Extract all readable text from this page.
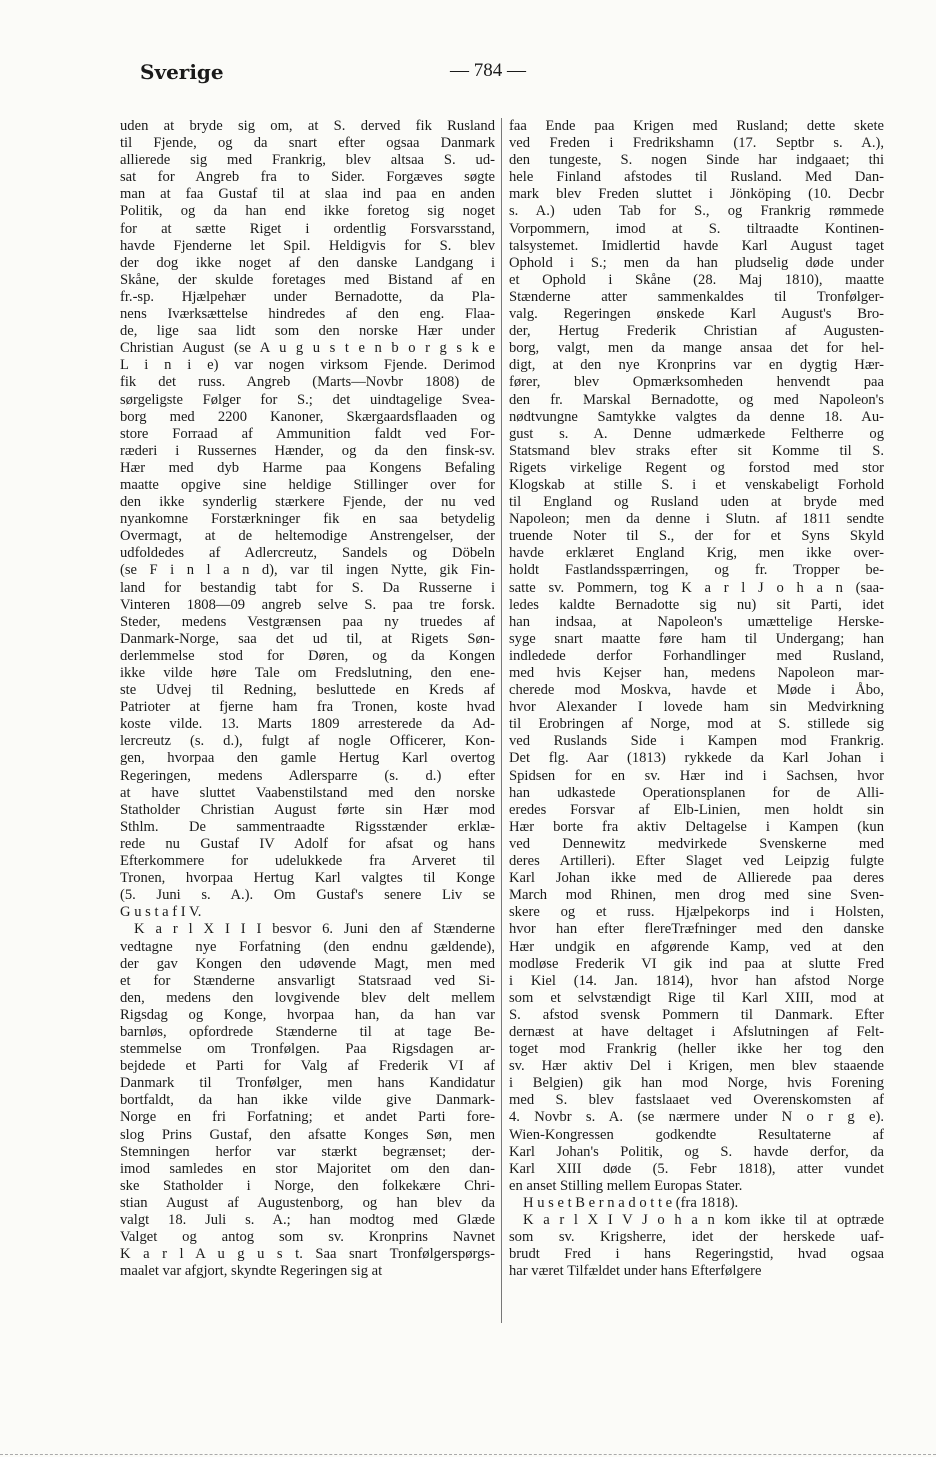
Sverige	— 784 —

uden at bryde sig om, at S. derved fik Rusland

til Fjende, og da snart efter ogsaa Danmark

allierede sig med Frankrig, blev altsaa S. ud-

sat for Angreb fra to Sider. Forgæves søgte

man at faa Gustaf til at slaa ind paa en anden

Politik, og da han end ikke foretog sig noget

for at sætte Riget i ordentlig Forsvarsstand,

havde Fjenderne let Spil. Heldigvis for S. blev

der dog ikke noget af den danske Landgang i

Skåne, der skulde foretages med Bistand af en

fr.-sp. Hjælpehær under Bernadotte, da Pla-

nens Iværksættelse hindredes af den eng. Flaa-

de, lige saa lidt som den norske Hær under

Christian August (se A u g u s t e n b o r g s k e

L i n i e) var nogen virksom Fjende. Derimod

fik det russ. Angreb (Marts—Novbr 1808) de

sørgeligste Følger for S.; det uindtagelige Svea-

borg med 2200 Kanoner, Skærgaardsflaaden og

store Forraad af Ammunition faldt ved For-

ræderi i Russernes Hænder, og da den finsk-sv.

Hær med dyb Harme paa Kongens Befaling

maatte opgive sine heldige Stillinger over for

den ikke synderlig stærkere Fjende, der nu ved

nyankomne Forstærkninger fik en saa betydelig

Overmagt, at de heltemodige Anstrengelser, der

udfoldedes af Adlercreutz, Sandels og Döbeln

(se F i n l a n d), var til ingen Nytte, gik Fin-

land for bestandig tabt for S. Da Russerne i

Vinteren 1808—09 angreb selve S. paa tre forsk.

Steder, medens Vestgrænsen paa ny truedes af

Danmark-Norge, saa det ud til, at Rigets Søn-

derlemmelse stod for Døren, og da Kongen

ikke vilde høre Tale om Fredslutning, den ene-

ste Udvej til Redning, besluttede en Kreds af

Patrioter at fjerne ham fra Tronen, koste hvad

koste vilde. 13. Marts 1809 arresterede da Ad-

lercreutz (s. d.), fulgt af nogle Officerer, Kon-

gen, hvorpaa den gamle Hertug Karl overtog

Regeringen, medens Adlersparre (s. d.) efter

at have sluttet Vaabenstilstand med den norske

Statholder Christian August førte sin Hær mod

Sthlm. De sammentraadte Rigsstænder erklæ-

rede nu Gustaf IV Adolf for afsat og hans

Efterkommere for udelukkede fra Arveret til

Tronen, hvorpaa Hertug Karl valgtes til Konge

(5. Juni s. A.). Om Gustaf's senere Liv se

G u s t a f I V.

K a r l X I I I besvor 6. Juni den af Stænderne

vedtagne nye Forfatning (den endnu gældende),

der gav Kongen den udøvende Magt, men med

et for Stænderne ansvarligt Statsraad ved Si-

den, medens den lovgivende blev delt mellem

Rigsdag og Konge, hvorpaa han, da han var

barnløs, opfordrede Stænderne til at tage Be-

stemmelse om Tronfølgen. Paa Rigsdagen ar-

bejdede et Parti for Valg af Frederik VI af

Danmark til Tronfølger, men hans Kandidatur

bortfaldt, da han ikke vilde give Danmark-

Norge en fri Forfatning; et andet Parti fore-

slog Prins Gustaf, den afsatte Konges Søn, men

Stemningen herfor var stærkt begrænset; der-

imod samledes en stor Majoritet om den dan-

ske Statholder i Norge, den folkekære Chri-

stian August af Augustenborg, og han blev da

valgt 18. Juli s. A.; han modtog med Glæde

Valget og antog som sv. Kronprins Navnet

K a r l A u g u s t. Saa snart Tronfølgerspørgs-

maalet var afgjort, skyndte Regeringen sig at

faa Ende paa Krigen med Rusland; dette skete

ved Freden i Fredrikshamn (17. Septbr s. A.),

den tungeste, S. nogen Sinde har indgaaet; thi

hele Finland afstodes til Rusland. Med Dan-

mark blev Freden sluttet i Jönköping (10. Decbr

s. A.) uden Tab for S., og Frankrig rømmede

Vorpommern, imod at S. tiltraadte Kontinen-

talsystemet. Imidlertid havde Karl August taget

Ophold i S.; men da han pludselig døde under

et Ophold i Skåne (28. Maj 1810), maatte

Stænderne atter sammenkaldes til Tronfølger-

valg. Regeringen ønskede Karl August's Bro-

der, Hertug Frederik Christian af Augusten-

borg, valgt, men da mange ansaa det for hel-

digt, at den nye Kronprins var en dygtig Hær-

fører, blev Opmærksomheden henvendt paa

den fr. Marskal Bernadotte, og med Napoleon's

nødtvungne Samtykke valgtes da denne 18. Au-

gust s. A. Denne udmærkede Feltherre og

Statsmand blev straks efter sit Komme til S.

Rigets virkelige Regent og forstod med stor

Klogskab at stille S. i et venskabeligt Forhold

til England og Rusland uden at bryde med

Napoleon; men da denne i Slutn. af 1811 sendte

truende Noter til S., der for et Syns Skyld

havde erklæret England Krig, men ikke over-

holdt Fastlandsspærringen, og fr. Tropper be-

satte sv. Pommern, tog K a r l J o h a n (saa-

ledes kaldte Bernadotte sig nu) sit Parti, idet

han indsaa, at Napoleon's umættelige Herske-

syge snart maatte føre ham til Undergang; han

indledede derfor Forhandlinger med Rusland,

med hvis Kejser han, medens Napoleon mar-

cherede mod Moskva, havde et Møde i Åbo,

hvor Alexander I lovede ham sin Medvirkning

til Erobringen af Norge, mod at S. stillede sig

ved Ruslands Side i Kampen mod Frankrig.

Det flg. Aar (1813) rykkede da Karl Johan i

Spidsen for en sv. Hær ind i Sachsen, hvor

han udkastede Operationsplanen for de Alli-

eredes Forsvar af Elb-Linien, men holdt sin

Hær borte fra aktiv Deltagelse i Kampen (kun

ved Dennewitz medvirkede Svenskerne med

deres Artilleri). Efter Slaget ved Leipzig fulgte

Karl Johan ikke med de Allierede paa deres

March mod Rhinen, men drog med sine Sven-

skere og et russ. Hjælpekorps ind i Holsten,

hvor han efter flereTræfninger med den danske

Hær undgik en afgørende Kamp, ved at den

modløse Frederik VI gik ind paa at slutte Fred

i Kiel (14. Jan. 1814), hvor han afstod Norge

som et selvstændigt Rige til Karl XIII, mod at

S. afstod svensk Pommern til Danmark. Efter

dernæst at have deltaget i Afslutningen af Felt-

toget mod Frankrig (heller ikke her tog den

sv. Hær aktiv Del i Krigen, men blev staaende

i Belgien) gik han mod Norge, hvis Forening

med S. blev fastslaaet ved Overenskomsten af

4. Novbr s. A. (se nærmere under N o r g e).

Wien-Kongressen godkendte Resultaterne af

Karl Johan's Politik, og S. havde derfor, da

Karl XIII døde (5. Febr 1818), atter vundet

en anset Stilling mellem Europas Stater.

H u s e t B e r n a d o t t e (fra 1818).

K a r l X I V J o h a n kom ikke til at optræde

som sv. Krigsherre, idet der herskede uaf-

brudt Fred i hans Regeringstid, hvad ogsaa

har været Tilfældet under hans Efterfølgere
